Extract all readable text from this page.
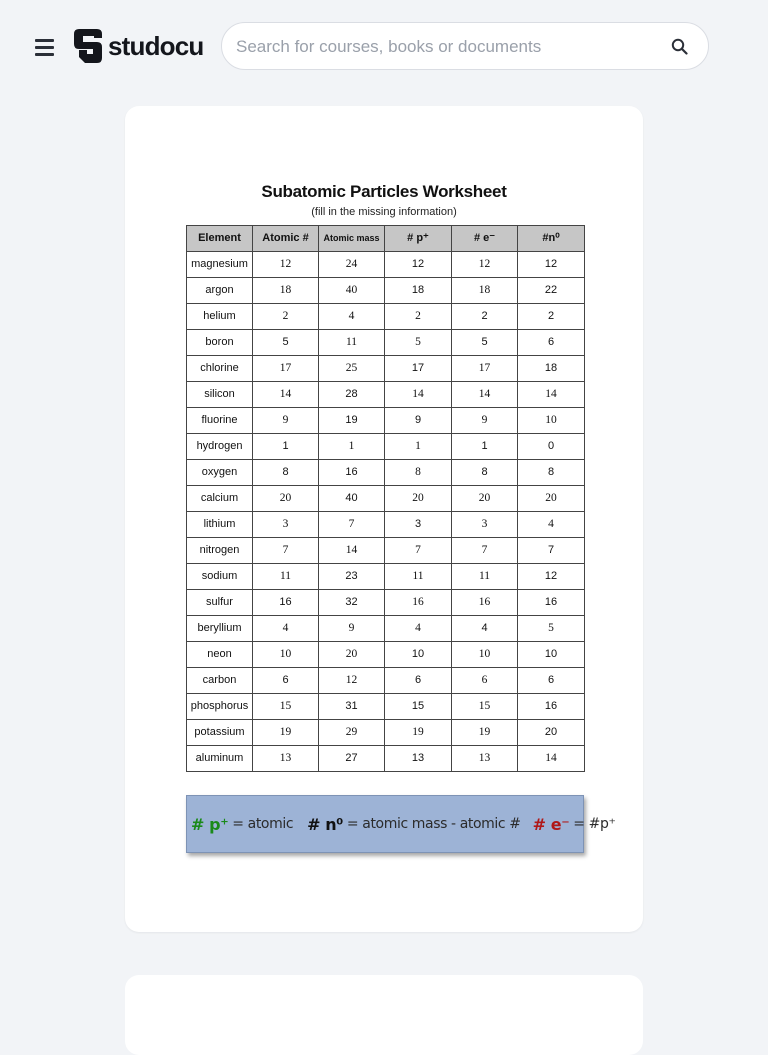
studocu
Search for courses, books or documents
Subatomic Particles Worksheet
(fill in the missing information)
Element	Atomic #	Atomic mass	# p⁺	# e⁻	#n⁰
magnesium	12	24	12	12	12
argon	18	40	18	18	22
helium	2	4	2	2	2
boron	5	11	5	5	6
chlorine	17	25	17	17	18
silicon	14	28	14	14	14
fluorine	9	19	9	9	10
hydrogen	1	1	1	1	0
oxygen	8	16	8	8	8
calcium	20	40	20	20	20
lithium	3	7	3	3	4
nitrogen	7	14	7	7	7
sodium	11	23	11	11	12
sulfur	16	32	16	16	16
beryllium	4	9	4	4	5
neon	10	20	10	10	10
carbon	6	12	6	6	6
phosphorus	15	31	15	15	16
potassium	19	29	19	19	20
aluminum	13	27	13	13	14
# p⁺ = atomic # n⁰ = atomic mass - atomic # # e⁻ = #p⁺
